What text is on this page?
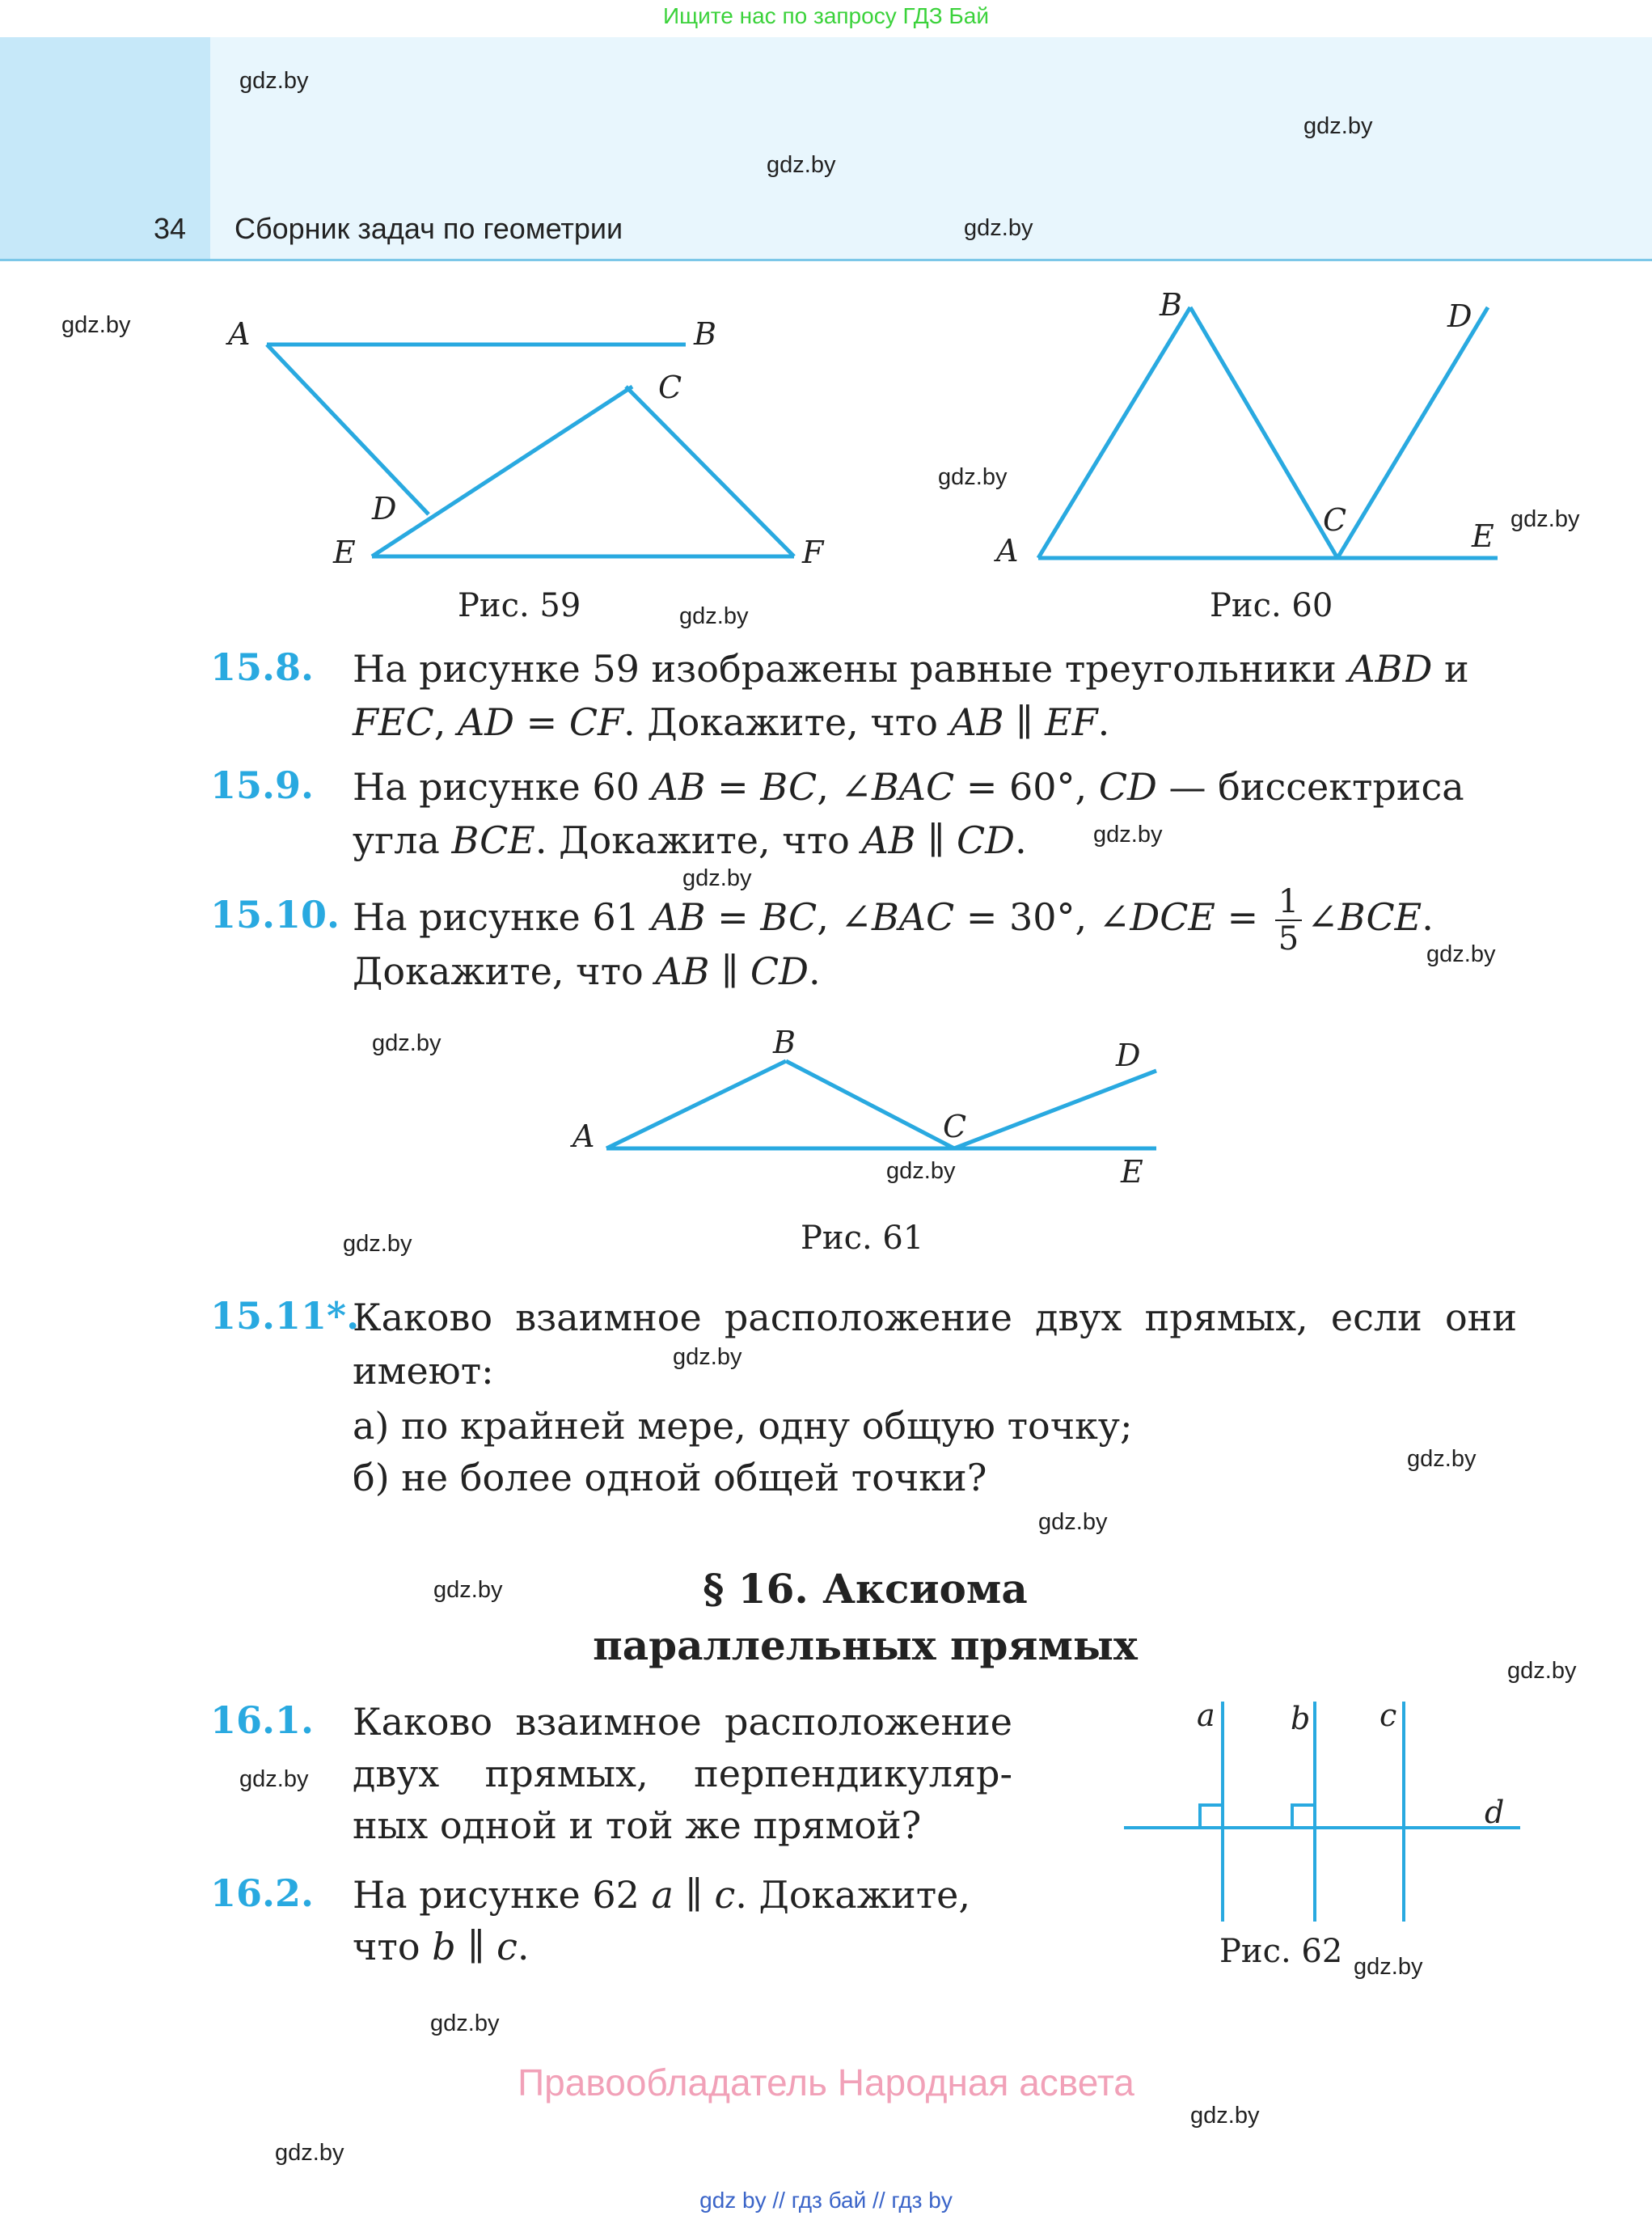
Ищите нас по запросу ГДЗ Бай
34 Сборник задач по геометрии
gdz.by
gdz.by
gdz.by
gdz.by
gdz.by
gdz.by
gdz.by
gdz.by
gdz.by
gdz.by
gdz.by
gdz.by
gdz.by
gdz.by
gdz.by
gdz.by
gdz.by
gdz.by
gdz.by
gdz.by
gdz.by
gdz.by
gdz.by
gdz.by
A	B
C
D
E	F
Рис. 59
A
B
C
D
E
Рис. 60
15.8. На рисунке 59 изображены равные треугольники ABD и
FEC, AD = CF. Докажите, что AB ∥ EF.
15.9. На рисунке 60 AB = BC, ∠BAC = 60°, CD — биссектриса
угла BCE. Докажите, что AB ∥ CD.
15.10. На рисунке 61 AB = BC, ∠BAC = 30°, ∠DCE = $\frac{1}{5}$ ∠BCE.
Докажите, что AB ∥ CD.
A
B
C
D
E
Рис. 61
15.11*.
Каково взаимное расположение двух прямых, если они
имеют:
а) по крайней мере, одну общую точку;
б) не более одной общей точки?
§ 16. Аксиома
параллельных прямых
16.1. Каково взаимное расположение
двух прямых, перпендикуляр-
ных одной и той же прямой?
16.2. На рисунке 62 a ∥ c. Докажите,
что b ∥ c.
a b c
d
Рис. 62
Правообладатель Народная асвета
gdz by // гдз бай // гдз by
